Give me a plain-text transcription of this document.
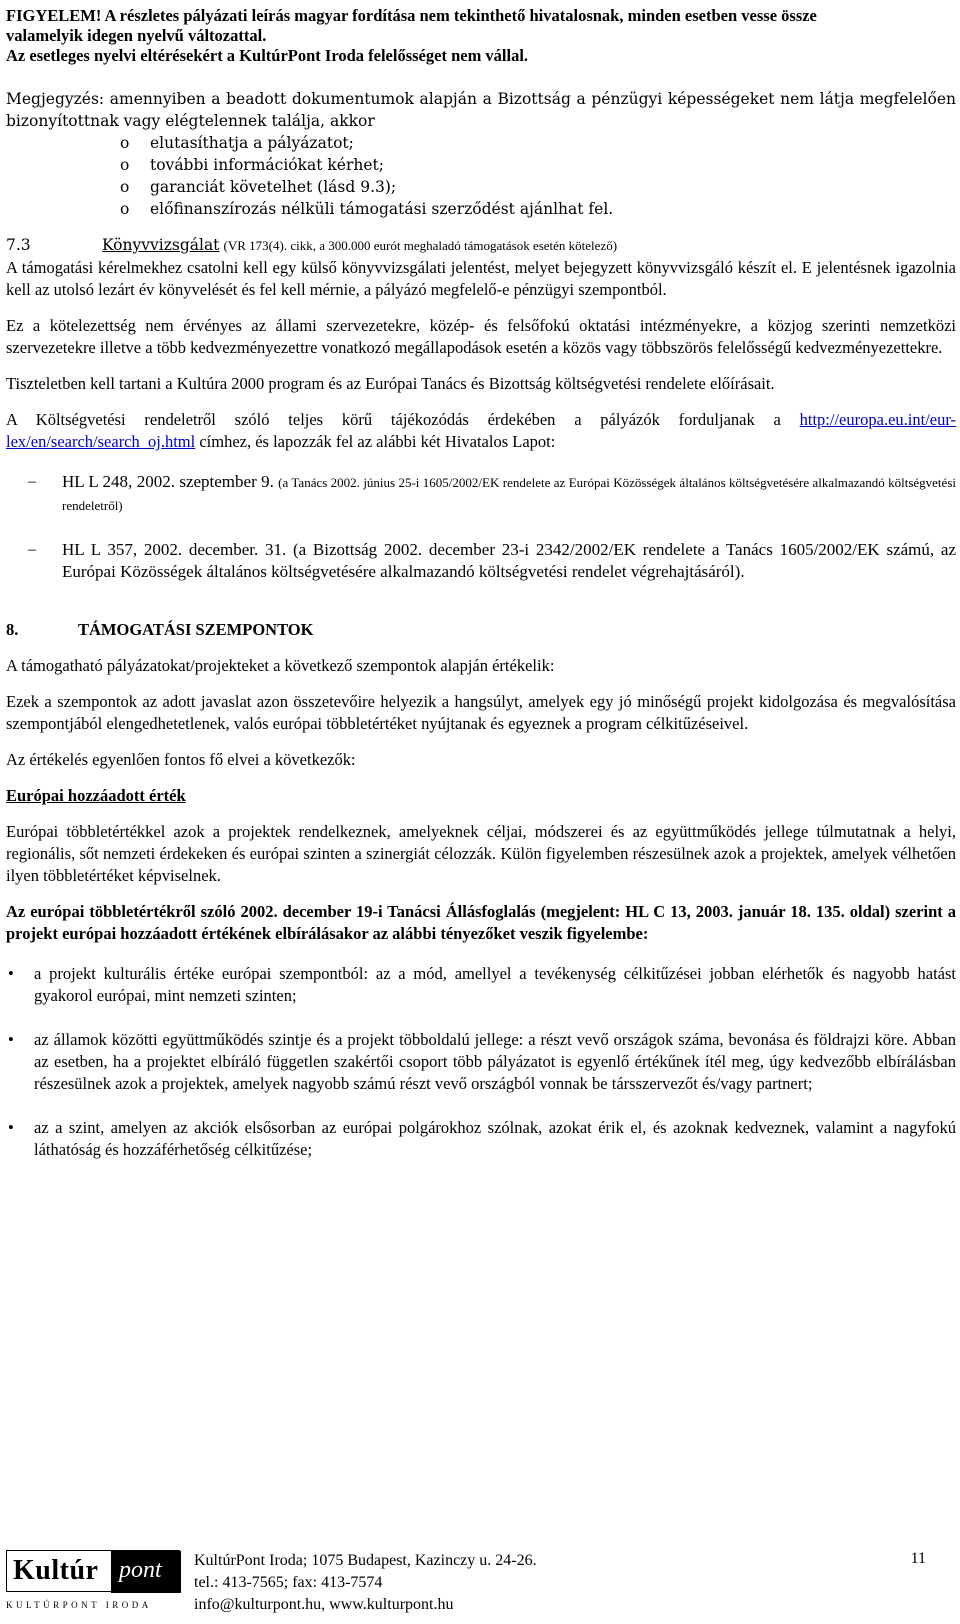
FIGYELEM! A részletes pályázati leírás magyar fordítása nem tekinthető hivatalosnak, minden esetben vesse össze
valamelyik idegen nyelvű változattal.
Az esetleges nyelvi eltérésekért a KultúrPont Iroda felelősséget nem vállal.

Megjegyzés: amennyiben a beadott dokumentumok alapján a Bizottság a pénzügyi képességeket nem látja megfelelően bizonyítottnak vagy elégtelennek találja, akkor

o elutasíthatja a pályázatot;
o további információkat kérhet;
o garanciát követelhet (lásd 9.3);
o előfinanszírozás nélküli támogatási szerződést ajánlhat fel.

7.3	Könyvvizsgálat (VR 173(4). cikk, a 300.000 eurót meghaladó támogatások esetén kötelező)

A támogatási kérelmekhez csatolni kell egy külső könyvvizsgálati jelentést, melyet bejegyzett könyvvizsgáló készít el. E jelentésnek igazolnia kell az utolsó lezárt év könyvelését és fel kell mérnie, a pályázó megfelelő-e pénzügyi szempontból.

Ez a kötelezettség nem érvényes az állami szervezetekre, közép- és felsőfokú oktatási intézményekre, a közjog szerinti nemzetközi szervezetekre illetve a több kedvezményezettre vonatkozó megállapodások esetén a közös vagy többszörös felelősségű kedvezményezettekre.

Tiszteletben kell tartani a Kultúra 2000 program és az Európai Tanács és Bizottság költségvetési rendelete előírásait.

A Költségvetési rendeletről szóló teljes körű tájékozódás érdekében a pályázók forduljanak a http://europa.eu.int/eur-lex/en/search/search_oj.html címhez, és lapozzák fel az alábbi két Hivatalos Lapot:

– HL L 248, 2002. szeptember 9. (a Tanács 2002. június 25-i 1605/2002/EK rendelete az Európai Közösségek általános költségvetésére alkalmazandó költségvetési rendeletről)

– HL L 357, 2002. december. 31. (a Bizottság 2002. december 23-i 2342/2002/EK rendelete a Tanács 1605/2002/EK számú, az Európai Közösségek általános költségvetésére alkalmazandó költségvetési rendelet végrehajtásáról).

8.	TÁMOGATÁSI SZEMPONTOK

A támogatható pályázatokat/projekteket a következő szempontok alapján értékelik:

Ezek a szempontok az adott javaslat azon összetevőire helyezik a hangsúlyt, amelyek egy jó minőségű projekt kidolgozása és megvalósítása szempontjából elengedhetetlenek, valós európai többletértéket nyújtanak és egyeznek a program célkitűzéseivel.

Az értékelés egyenlően fontos fő elvei a következők:

Európai hozzáadott érték

Európai többletértékkel azok a projektek rendelkeznek, amelyeknek céljai, módszerei és az együttműködés jellege túlmutatnak a helyi, regionális, sőt nemzeti érdekeken és európai szinten a szinergiát célozzák. Külön figyelemben részesülnek azok a projektek, amelyek vélhetően ilyen többletértéket képviselnek.

Az európai többletértékről szóló 2002. december 19-i Tanácsi Állásfoglalás (megjelent: HL C 13, 2003. január 18. 135. oldal) szerint a projekt európai hozzáadott értékének elbírálásakor az alábbi tényezőket veszik figyelembe:

• a projekt kulturális értéke európai szempontból: az a mód, amellyel a tevékenység célkitűzései jobban elérhetők és nagyobb hatást gyakorol európai, mint nemzeti szinten;

• az államok közötti együttműködés szintje és a projekt többoldalú jellege: a részt vevő országok száma, bevonása és földrajzi köre. Abban az esetben, ha a projektet elbíráló független szakértői csoport több pályázatot is egyenlő értékűnek ítél meg, úgy kedvezőbb elbírálásban részesülnek azok a projektek, amelyek nagyobb számú részt vevő országból vonnak be társszervezőt és/vagy partnert;

• az a szint, amelyen az akciók elsősorban az európai polgárokhoz szólnak, azokat érik el, és azoknak kedveznek, valamint a nagyfokú láthatóság és hozzáférhetőség célkitűzése;

Kultúr pont
KULTÚRPONT IRODA
KultúrPont Iroda; 1075 Budapest, Kazinczy u. 24-26.
tel.: 413-7565; fax: 413-7574
info@kulturpont.hu, www.kulturpont.hu
11
